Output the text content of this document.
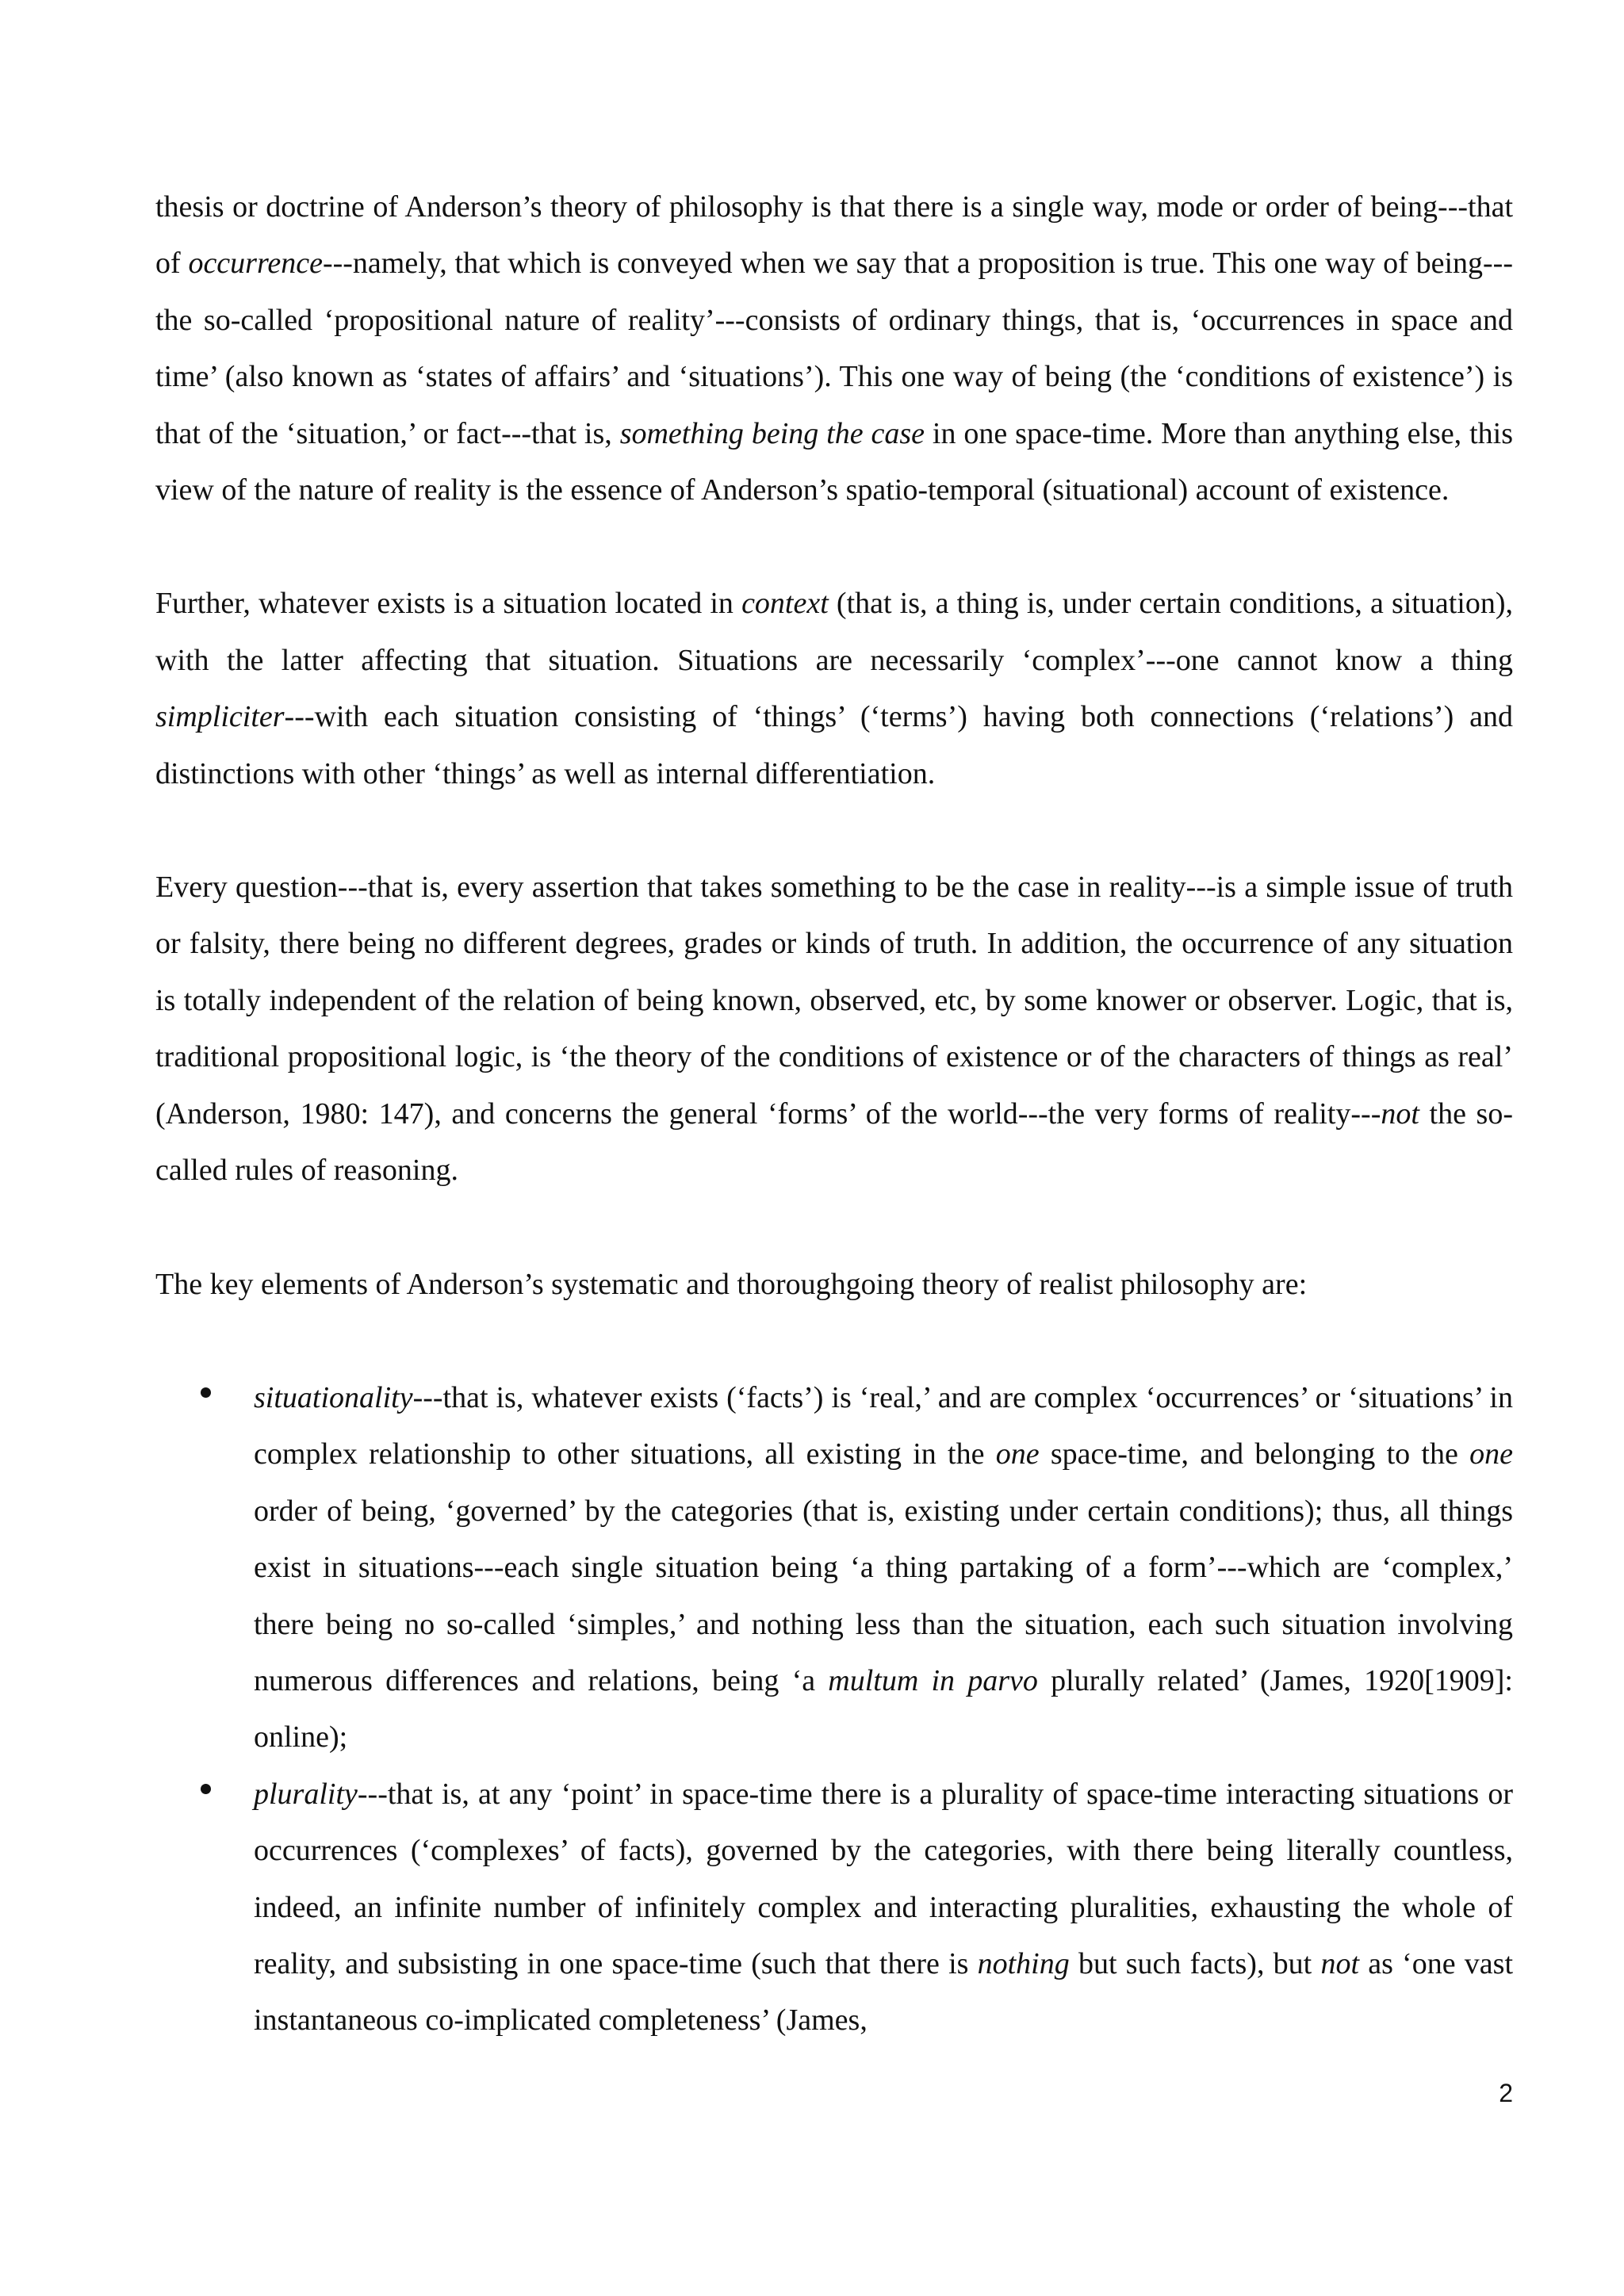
thesis or doctrine of Anderson’s theory of philosophy is that there is a single way, mode or order of being---that of occurrence---namely, that which is conveyed when we say that a proposition is true. This one way of being---the so-called ‘propositional nature of reality’---consists of ordinary things, that is, ‘occurrences in space and time’ (also known as ‘states of affairs’ and ‘situations’). This one way of being (the ‘conditions of existence’) is that of the ‘situation,’ or fact---that is, something being the case in one space-time. More than anything else, this view of the nature of reality is the essence of Anderson’s spatio-temporal (situational) account of existence.

Further, whatever exists is a situation located in context (that is, a thing is, under certain conditions, a situation), with the latter affecting that situation. Situations are necessarily ‘complex’---one cannot know a thing simpliciter---with each situation consisting of ‘things’ (‘terms’) having both connections (‘relations’) and distinctions with other ‘things’ as well as internal differentiation.

Every question---that is, every assertion that takes something to be the case in reality---is a simple issue of truth or falsity, there being no different degrees, grades or kinds of truth. In addition, the occurrence of any situation is totally independent of the relation of being known, observed, etc, by some knower or observer. Logic, that is, traditional propositional logic, is ‘the theory of the conditions of existence or of the characters of things as real’ (Anderson, 1980: 147), and concerns the general ‘forms’ of the world---the very forms of reality---not the so-called rules of reasoning.

The key elements of Anderson’s systematic and thoroughgoing theory of realist philosophy are:

situationality---that is, whatever exists (‘facts’) is ‘real,’ and are complex ‘occurrences’ or ‘situations’ in complex relationship to other situations, all existing in the one space-time, and belonging to the one order of being, ‘governed’ by the categories (that is, existing under certain conditions); thus, all things exist in situations---each single situation being ‘a thing partaking of a form’---which are ‘complex,’ there being no so-called ‘simples,’ and nothing less than the situation, each such situation involving numerous differences and relations, being ‘a multum in parvo plurally related’ (James, 1920[1909]: online);

plurality---that is, at any ‘point’ in space-time there is a plurality of space-time interacting situations or occurrences (‘complexes’ of facts), governed by the categories, with there being literally countless, indeed, an infinite number of infinitely complex and interacting pluralities, exhausting the whole of reality, and subsisting in one space-time (such that there is nothing but such facts), but not as ‘one vast instantaneous co-implicated completeness’ (James,

2
